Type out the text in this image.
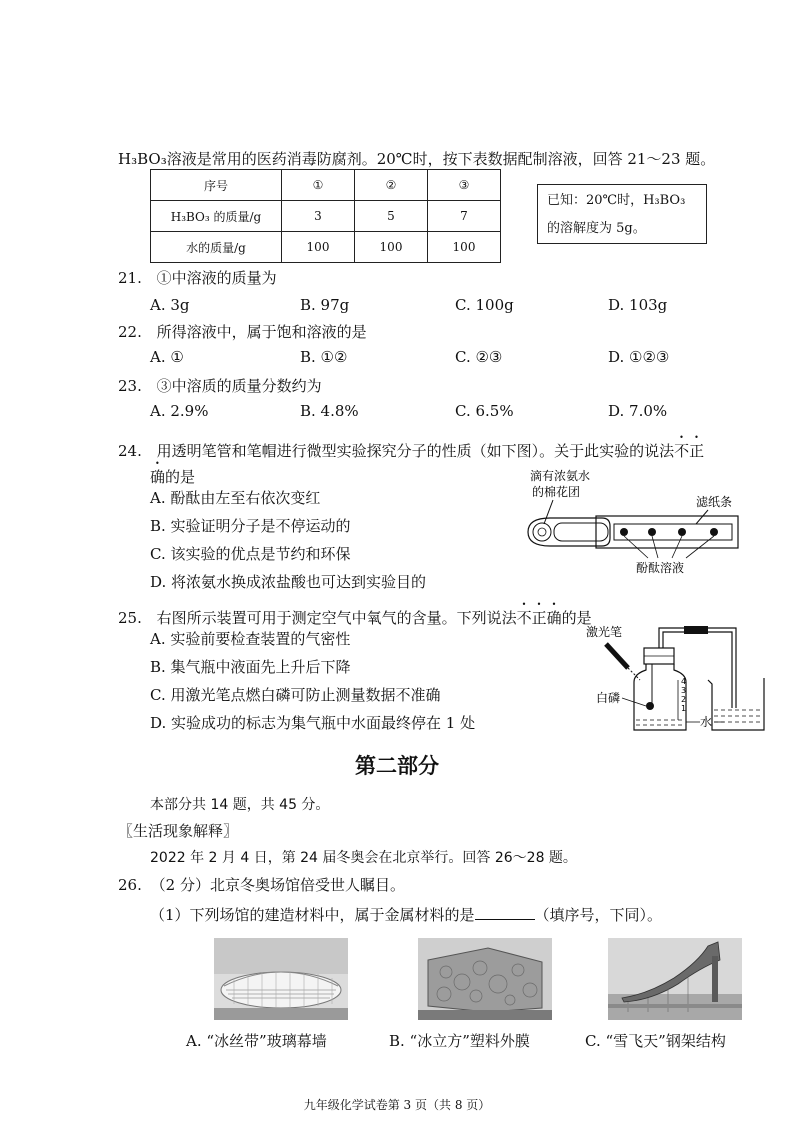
H₃BO₃溶液是常用的医药消毒防腐剂。20℃时，按下表数据配制溶液，回答 21～23 题。
序号	①	②	③
H₃BO₃ 的质量/g	3	5	7
水的质量/g	100	100	100
已知：20℃时，H₃BO₃
的溶解度为 5g。
21. ①中溶液的质量为
A. 3g	B. 97g	C. 100g	D. 103g
22. 所得溶液中，属于饱和溶液的是
A. ①	B. ①②	C. ②③	D. ①②③
23. ③中溶质的质量分数约为
A. 2.9%	B. 4.8%	C. 6.5%	D. 7.0%
24. 用透明笔管和笔帽进行微型实验探究分子的性质（如下图）。关于此实验的说法不正
确的是
A. 酚酞由左至右依次变红
B. 实验证明分子是不停运动的
C. 该实验的优点是节约和环保
D. 将浓氨水换成浓盐酸也可达到实验目的
滴有浓氨水
的棉花团
滤纸条
酚酞溶液
25. 右图所示装置可用于测定空气中氧气的含量。下列说法不正确的是
A. 实验前要检查装置的气密性
B. 集气瓶中液面先上升后下降
C. 用激光笔点燃白磷可防止测量数据不准确
D. 实验成功的标志为集气瓶中水面最终停在 1 处
激光笔
4
3
2
1
白磷
水
第二部分
本部分共 14 题，共 45 分。
〖生活现象解释〗
2022 年 2 月 4 日，第 24 届冬奥会在北京举行。回答 26～28 题。
26. （2 分）北京冬奥场馆倍受世人瞩目。
（1）下列场馆的建造材料中，属于金属材料的是	（填序号，下同）。
A. “冰丝带”玻璃幕墙	B. “冰立方”塑料外膜	C. “雪飞天”钢架结构
九年级化学试卷第 3 页（共 8 页）
